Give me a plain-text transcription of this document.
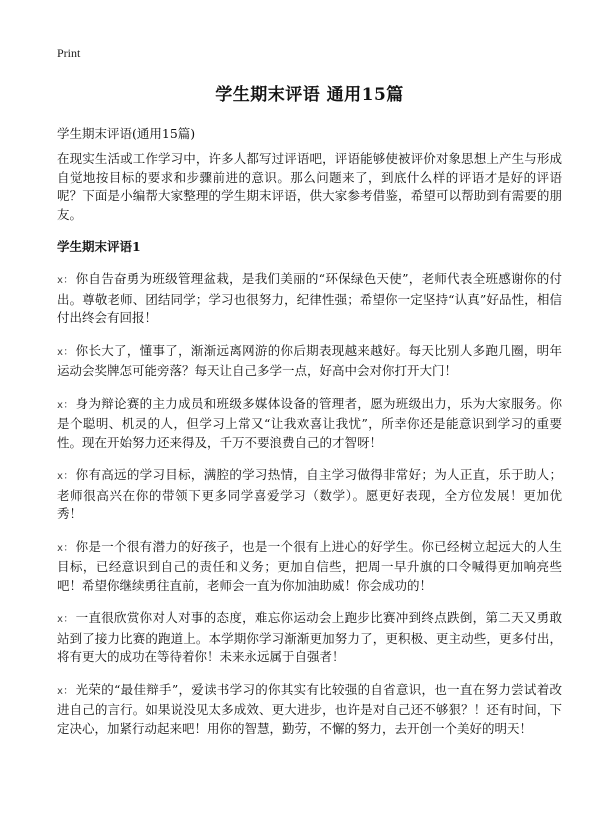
Print
学生期末评语 通用15篇

学生期末评语(通用15篇)

在现实生活或工作学习中，许多人都写过评语吧，评语能够使被评价对象思想上产生与形成自觉地按目标的要求和步骤前进的意识。那么问题来了，到底什么样的评语才是好的评语呢？下面是小编帮大家整理的学生期末评语，供大家参考借鉴，希望可以帮助到有需要的朋友。

学生期末评语1

x： 你自告奋勇为班级管理盆栽，是我们美丽的“环保绿色天使”，老师代表全班感谢你的付出。尊敬老师、团结同学；学习也很努力，纪律性强；希望你一定坚持“认真”好品性，相信付出终会有回报！

x： 你长大了，懂事了，渐渐远离网游的你后期表现越来越好。每天比别人多跑几圈，明年运动会奖牌怎可能旁落？每天让自己多学一点，好高中会对你打开大门！

x： 身为辩论赛的主力成员和班级多媒体设备的管理者，愿为班级出力，乐为大家服务。你是个聪明、机灵的人，但学习上常又“让我欢喜让我忧”，所幸你还是能意识到学习的重要性。现在开始努力还来得及，千万不要浪费自己的才智呀！

x： 你有高远的学习目标，满腔的学习热情，自主学习做得非常好；为人正直，乐于助人；老师很高兴在你的带领下更多同学喜爱学习（数学）。愿更好表现，全方位发展！更加优秀！

x： 你是一个很有潜力的好孩子，也是一个很有上进心的好学生。你已经树立起远大的人生目标，已经意识到自己的责任和义务；更加自信些，把周一早升旗的口令喊得更加响亮些吧！希望你继续勇往直前，老师会一直为你加油助威！你会成功的！

x： 一直很欣赏你对人对事的态度，难忘你运动会上跑步比赛冲到终点跌倒，第二天又勇敢站到了接力比赛的跑道上。本学期你学习渐渐更加努力了，更积极、更主动些，更多付出，将有更大的成功在等待着你！未来永远属于自强者！

x： 光荣的“最佳辩手”，爱读书学习的你其实有比较强的自省意识，也一直在努力尝试着改进自己的言行。如果说没见太多成效、更大进步，也许是对自己还不够狠？！还有时间，下定决心，加紧行动起来吧！用你的智慧，勤劳，不懈的努力，去开创一个美好的明天！
